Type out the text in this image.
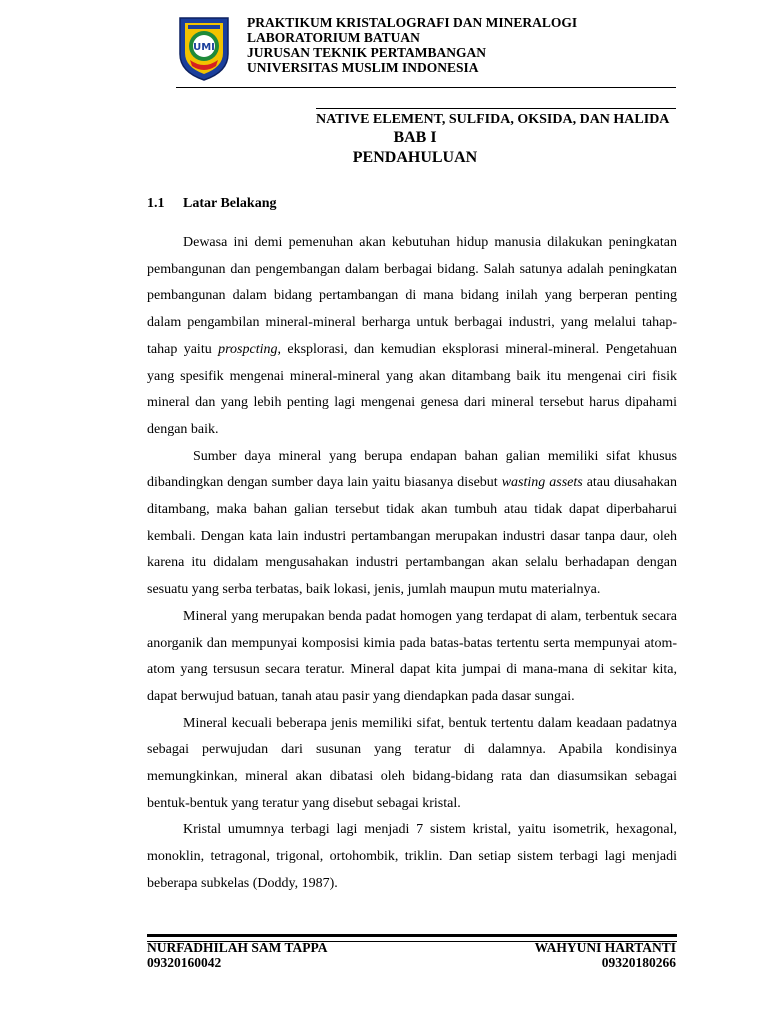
UMI
PRAKTIKUM KRISTALOGRAFI DAN MINERALOGI
LABORATORIUM BATUAN
JURUSAN TEKNIK PERTAMBANGAN
UNIVERSITAS MUSLIM INDONESIA
NATIVE ELEMENT, SULFIDA, OKSIDA, DAN HALIDA
BAB I
PENDAHULUAN
1.1 Latar Belakang

Dewasa ini demi pemenuhan akan kebutuhan hidup manusia dilakukan peningkatan pembangunan dan pengembangan dalam berbagai bidang. Salah satunya adalah peningkatan pembangunan dalam bidang pertambangan di mana bidang inilah yang berperan penting dalam pengambilan mineral-mineral berharga untuk berbagai industri, yang melalui tahap-tahap yaitu prospcting, eksplorasi, dan kemudian eksplorasi mineral-mineral. Pengetahuan yang spesifik mengenai mineral-mineral yang akan ditambang baik itu mengenai ciri fisik mineral dan yang lebih penting lagi mengenai genesa dari mineral tersebut harus dipahami dengan baik.

Sumber daya mineral yang berupa endapan bahan galian memiliki sifat khusus dibandingkan dengan sumber daya lain yaitu biasanya disebut wasting assets atau diusahakan ditambang, maka bahan galian tersebut tidak akan tumbuh atau tidak dapat diperbaharui kembali. Dengan kata lain industri pertambangan merupakan industri dasar tanpa daur, oleh karena itu didalam mengusahakan industri pertambangan akan selalu berhadapan dengan sesuatu yang serba terbatas, baik lokasi, jenis, jumlah maupun mutu materialnya.

Mineral yang merupakan benda padat homogen yang terdapat di alam, terbentuk secara anorganik dan mempunyai komposisi kimia pada batas-batas tertentu serta mempunyai atom-atom yang tersusun secara teratur. Mineral dapat kita jumpai di mana-mana di sekitar kita, dapat berwujud batuan, tanah atau pasir yang diendapkan pada dasar sungai.

Mineral kecuali beberapa jenis memiliki sifat, bentuk tertentu dalam keadaan padatnya sebagai perwujudan dari susunan yang teratur di dalamnya. Apabila kondisinya memungkinkan, mineral akan dibatasi oleh bidang-bidang rata dan diasumsikan sebagai bentuk-bentuk yang teratur yang disebut sebagai kristal.

Kristal umumnya terbagi lagi menjadi 7 sistem kristal, yaitu isometrik, hexagonal, monoklin, tetragonal, trigonal, ortohombik, triklin. Dan setiap sistem terbagi lagi menjadi beberapa subkelas (Doddy, 1987).

NURFADHILAH SAM TAPPA
09320160042
WAHYUNI HARTANTI
09320180266
